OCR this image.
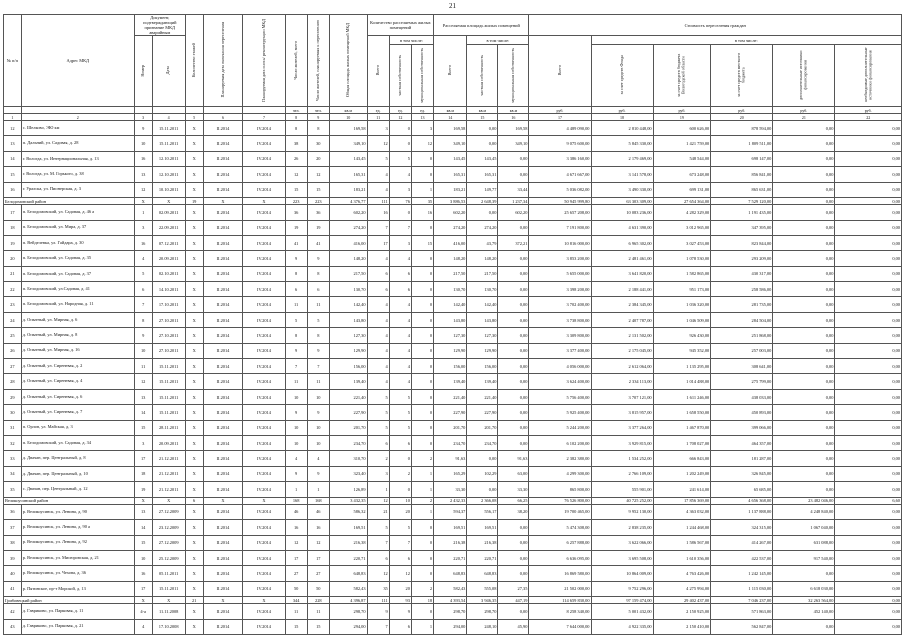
21
№ п/п	Адрес МКД	Документ, подтверждающий признание МКД аварийным		Количество этажей	Планируемая дата окончания переселения	Планируемая дата сноса/ реконструкции МКД	Число жителей, всего	Число жителей, планируемых к переселению	Общая площадь жилых помещений МКД	Количество расселяемых жилых помещений			Расселяемая площадь жилых помещений			Стоимость переселения граждан					
		Номер	Дата							Всего	в том числе:		Всего	в том числе:		Всего	в том числе:				
											частная собственность	муниципальная собственность		частная собственность	муниципальная собственность		за счет средств Фонда	за счет средств бюджета Вологодской области	за счет средств местного бюджета	дополнительные источники финансирования	необходимые дополнительные источники финансирования
							чел.	чел.	кв.м	ед.	ед.	ед.	кв.м	кв.м	кв.м	руб.	руб.	руб.	руб.	руб.	руб.
1	2	3	4	5	6	7	8	9	10	11	12	13	14	15	16	17	18	19	20	21	22
12	с. Шелково, ЭЮ км	9	15.11.2011	X	II.2014	IV.2014	8	8	169,58	3	0	3	169,58	0,00	169,58	4 489 090,00	2 810 448,00	600 626,00	878 594,00	0,00	0,00
13	п. Дальний, ул. Садовая, д. 28	10	15.11.2011	X	II.2014	IV.2014	38	30	349,10	12	0	12	349,10	0,00	349,10	9 075 600,00	5 845 330,00	1 421 759,00	1 809 511,00	0,00	0,00
14	г. Вологда, ул. Интернациональная, д. 13	16	12.10.2011	X	II.2014	IV.2014	26	20	143,45	5	5	0	143,45	143,45	0,00	3 386 160,00	2 179 469,00	548 544,00	698 147,00	0,00	0,00
15	г. Вологда, ул. М. Горького, д. 38	13	12.10.2011	X	II.2014	IV.2014	12	12	165,31	4	4	0	165,31	165,31	0,00	4 671 667,00	3 141 578,00	673 248,00	856 841,00	0,00	0,00
16	г. Уралска, ул. Пионерская, д. 3	12	10.10.2011	X	II.2014	IV.2014	15	15	183,21	4	3	1	183,21	149,77	33,44	5 036 082,00	3 490 330,00	699 131,00	865 631,00	0,00	0,00
Белодомовский район		X	X	19	X	X	223	223	4 376,77	111	76	35	3 886,53	2 648,39	1 237,34	50 945 999,80	63 303 309,00	27 654 364,00	7 529 120,00	0,00	0,00
17	п. Белодомовский, ул. Садовая, д. 46 а	1	02.09.2011	X	II.2014	IV.2014	36	36	602,20	16	0	16	602,20	0,00	602,20	25 657 208,00	10 083 236,00	4 282 329,00	1 191 435,00	0,00	0,00
18	п. Белодомовский, ул. Мира, д. 37	3	22.09.2011	X	II.2014	IV.2014	19	19	274,20	7	7	0	274,20	274,20	0,00	7 191 800,00	4 631 390,00	3 012 965,00	347 395,00	0,00	0,00
19	п. Вейделевка, ул. Гайдара, д. 30	16	07.12.2011	X	II.2014	IV.2014	41	41	416,00	17	3	15	416,00	43,79	372,21	10 816 000,00	6 965 302,00	3 027 453,00	823 844,00	0,00	0,00
20	п. Белодомовский, ул. Садовая, д. 35	4	20.09.2011	X	II.2014	IV.2014	9	9	148,20	4	4	0	148,20	148,20	0,00	3 853 200,00	2 481 461,00	1 078 530,00	293 209,00	0,00	0,00
21	п. Белодомовский, ул. Садовая, д. 37	5	02.10.2011	X	II.2014	IV.2014	8	8	217,50	6	6	0	217,50	217,50	0,00	5 655 000,00	3 641 820,00	1 582 865,00	430 317,00	0,00	0,00
22	п. Белодомовский, ул.Садовая, д. 41	6	14.10.2011	X	II.2014	IV.2014	6	6	130,70	6	6	0	130,70	130,70	0,00	3 398 200,00	2 188 441,00	951 173,00	258 586,00	0,00	0,00
23	п. Белодомовский, ул. Народная, д. 11	7	17.10.2011	X	II.2014	IV.2014	11	11	142,40	4	4	0	142,40	142,40	0,00	3 702 400,00	2 384 345,00	1 036 320,00	281 735,00	0,00	0,00
24	д. Опытный, ул. Мирная, д. 6	8	27.10.2011	X	II.2014	IV.2014	5	5	143,80	4	4	0	143,80	143,80	0,00	3 738 800,00	2 407 787,00	1 046 509,00	284 504,00	0,00	0,00
25	д. Опытный, ул. Мирная, д. 8	9	27.10.2011	X	II.2014	IV.2014	8	8	127,30	4	4	0	127,30	127,30	0,00	3 309 800,00	2 131 502,00	926 430,00	251 868,00	0,00	0,00
26	д. Опытный, ул. Мирная, д. 16	10	27.10.2011	X	II.2014	IV.2014	9	9	129,90	4	4	0	129,90	129,90	0,00	3 377 400,00	2 175 045,00	945 352,00	257 003,00	0,00	0,00
27	д. Опытный, ул. Сиреневая, д. 2	11	15.11.2011	X	II.2014	IV.2014	7	7	156,00	4	4	0	156,00	156,00	0,00	4 056 000,00	2 612 064,00	1 135 295,00	308 641,00	0,00	0,00
28	д. Опытный, ул. Сиреневая, д. 4	12	15.11.2011	X	II.2014	IV.2014	11	11	139,40	4	4	0	139,40	139,40	0,00	3 624 400,00	2 334 113,00	1 014 488,00	275 799,00	0,00	0,00
29	д. Опытный, ул. Сиреневая, д. 6	13	15.11.2011	X	II.2014	IV.2014	10	10	221,40	5	5	0	221,40	221,40	0,00	5 756 400,00	3 707 121,00	1 611 246,00	438 033,00	0,00	0,00
30	д. Опытный, ул. Сиреневая, д. 7	14	15.11.2011	X	II.2014	IV.2014	9	9	227,90	5	5	0	227,90	227,90	0,00	5 925 400,00	3 815 957,00	1 658 550,00	450 893,00	0,00	0,00
31	п. Орлов, ул. Майская, д. 3	15	28.11.2011	X	II.2014	IV.2014	10	10	201,70	5	5	0	201,70	201,70	0,00	5 244 200,00	3 377 264,00	1 467 870,00	399 066,00	0,00	0,00
32	п. Белодомовский, ул. Садовая, д. 34	3	20.09.2011	X	II.2014	IV.2014	10	10	234,70	6	6	0	234,70	234,70	0,00	6 102 200,00	3 929 815,00	1 708 027,00	464 357,00	0,00	0,00
33	д. Двачан, пер. Центральный, д. 8	17	21.12.2011	X	II.2014	IV.2014	4	4	310,70	2	0	2	91,63	0,00	91,63	2 382 380,00	1 534 252,00	666 843,00	181 287,00	0,00	0,00
34	д. Двачан, пер. Центральный, д. 10	18	21.12.2011	X	II.2014	IV.2014	9	9	323,40	3	2	1	165,29	102,29	63,00	4 299 300,00	2 766 109,00	1 202 249,00	326 845,00	0,00	0,00
35	с. Двачан, пер. Центральный, д. 12	19	21.12.2011	X	II.2014	IV.2014	1	1	126,89	1	0	1	33,30	0,00	33,30	865 800,00	555 901,00	241 614,00	65 685,00	0,00	0,00
Великоусинский район		X	X	6	X	X	168	168	3 432,35	12	10	2	2 432,33	2 366,08	66,25	76 526 800,00	40 725 252,00	17 856 369,00	4 656 368,00	23 482 046,00	6,60
36	р. Великоусинск, ул. Ленина, д. 90	13	27.12.2009	X	II.2014	IV.2014	46	46	586,32	21	20	1	594,37	556,17	38,20	19 700 465,00	9 952 130,00	4 363 032,00	1 137 888,00	4 248 840,00	0,00
37	р. Великоусинск, ул. Ленина, д. 90 а	14	23.12.2009	X	II.2014	IV.2014	16	16	169,51	5	5	0	169,51	169,51	0,00	5 474 308,00	2 838 235,00	1 244 468,00	324 315,00	1 067 040,00	0,00
38	р. Великоусинск, ул. Ленина, д. 92	15	27.12.2009	X	II.2014	IV.2014	12	12	216,38	7	7	0	216,38	216,38	0,00	6 257 888,00	3 622 066,00	1 586 567,00	414 267,00	631 088,00	0,00
39	р. Великоусинск, ул. Мисюровская, д. 21	10	25.12.2009	X	II.2014	IV.2014	17	17	220,71	6	6	0	220,71	220,71	0,00	6 636 095,00	3 695 508,00	1 610 356,00	422 537,00	917 540,00	0,00
40	р. Великоусинск, ул. Чехова, д. 36	16	05.11.2011	X	II.2014	IV.2014	27	27	648,83	12	12	0	648,83	648,83	0,00	16 869 580,00	10 864 009,00	4 763 426,00	1 242 145,00	0,00	0,00
41	р. Пятинское, пр-т Морской, д. 13	17	15.11.2011	X	II.2014	IV.2014	50	50	582,43	35	20	2	582,43	555,08	27,35	21 502 000,00	9 752 296,00	4 275 994,00	1 115 030,00	6 618 030,00	0,00
Грибовецкий район		X	X	21	X	X	344	228	4 396,87	111	93	18	4 393,54	3 946,35	447,19	114 659 830,00	97 159 474,00	29 402 437,00	7 046 237,00	32 263 564,00	0,00
42	д. Гавриково, ул. Парковая, д. 11	4-а	11.11.2008	X	II.2014	IV.2014	11	11	298,70	9	9	0	298,70	298,70	0,00	8 258 340,00	5 001 432,00	2 150 925,00	571 863,00	452 140,00	0,00
43	д. Гавриково, ул. Парковая, д. 21	4	17.10.2008	X	II.2014	IV.2014	15	15	294,00	7	6	1	294,00	248,10	45,90	7 644 000,00	4 922 335,00	2 150 410,00	562 847,00	0,00	0,00
